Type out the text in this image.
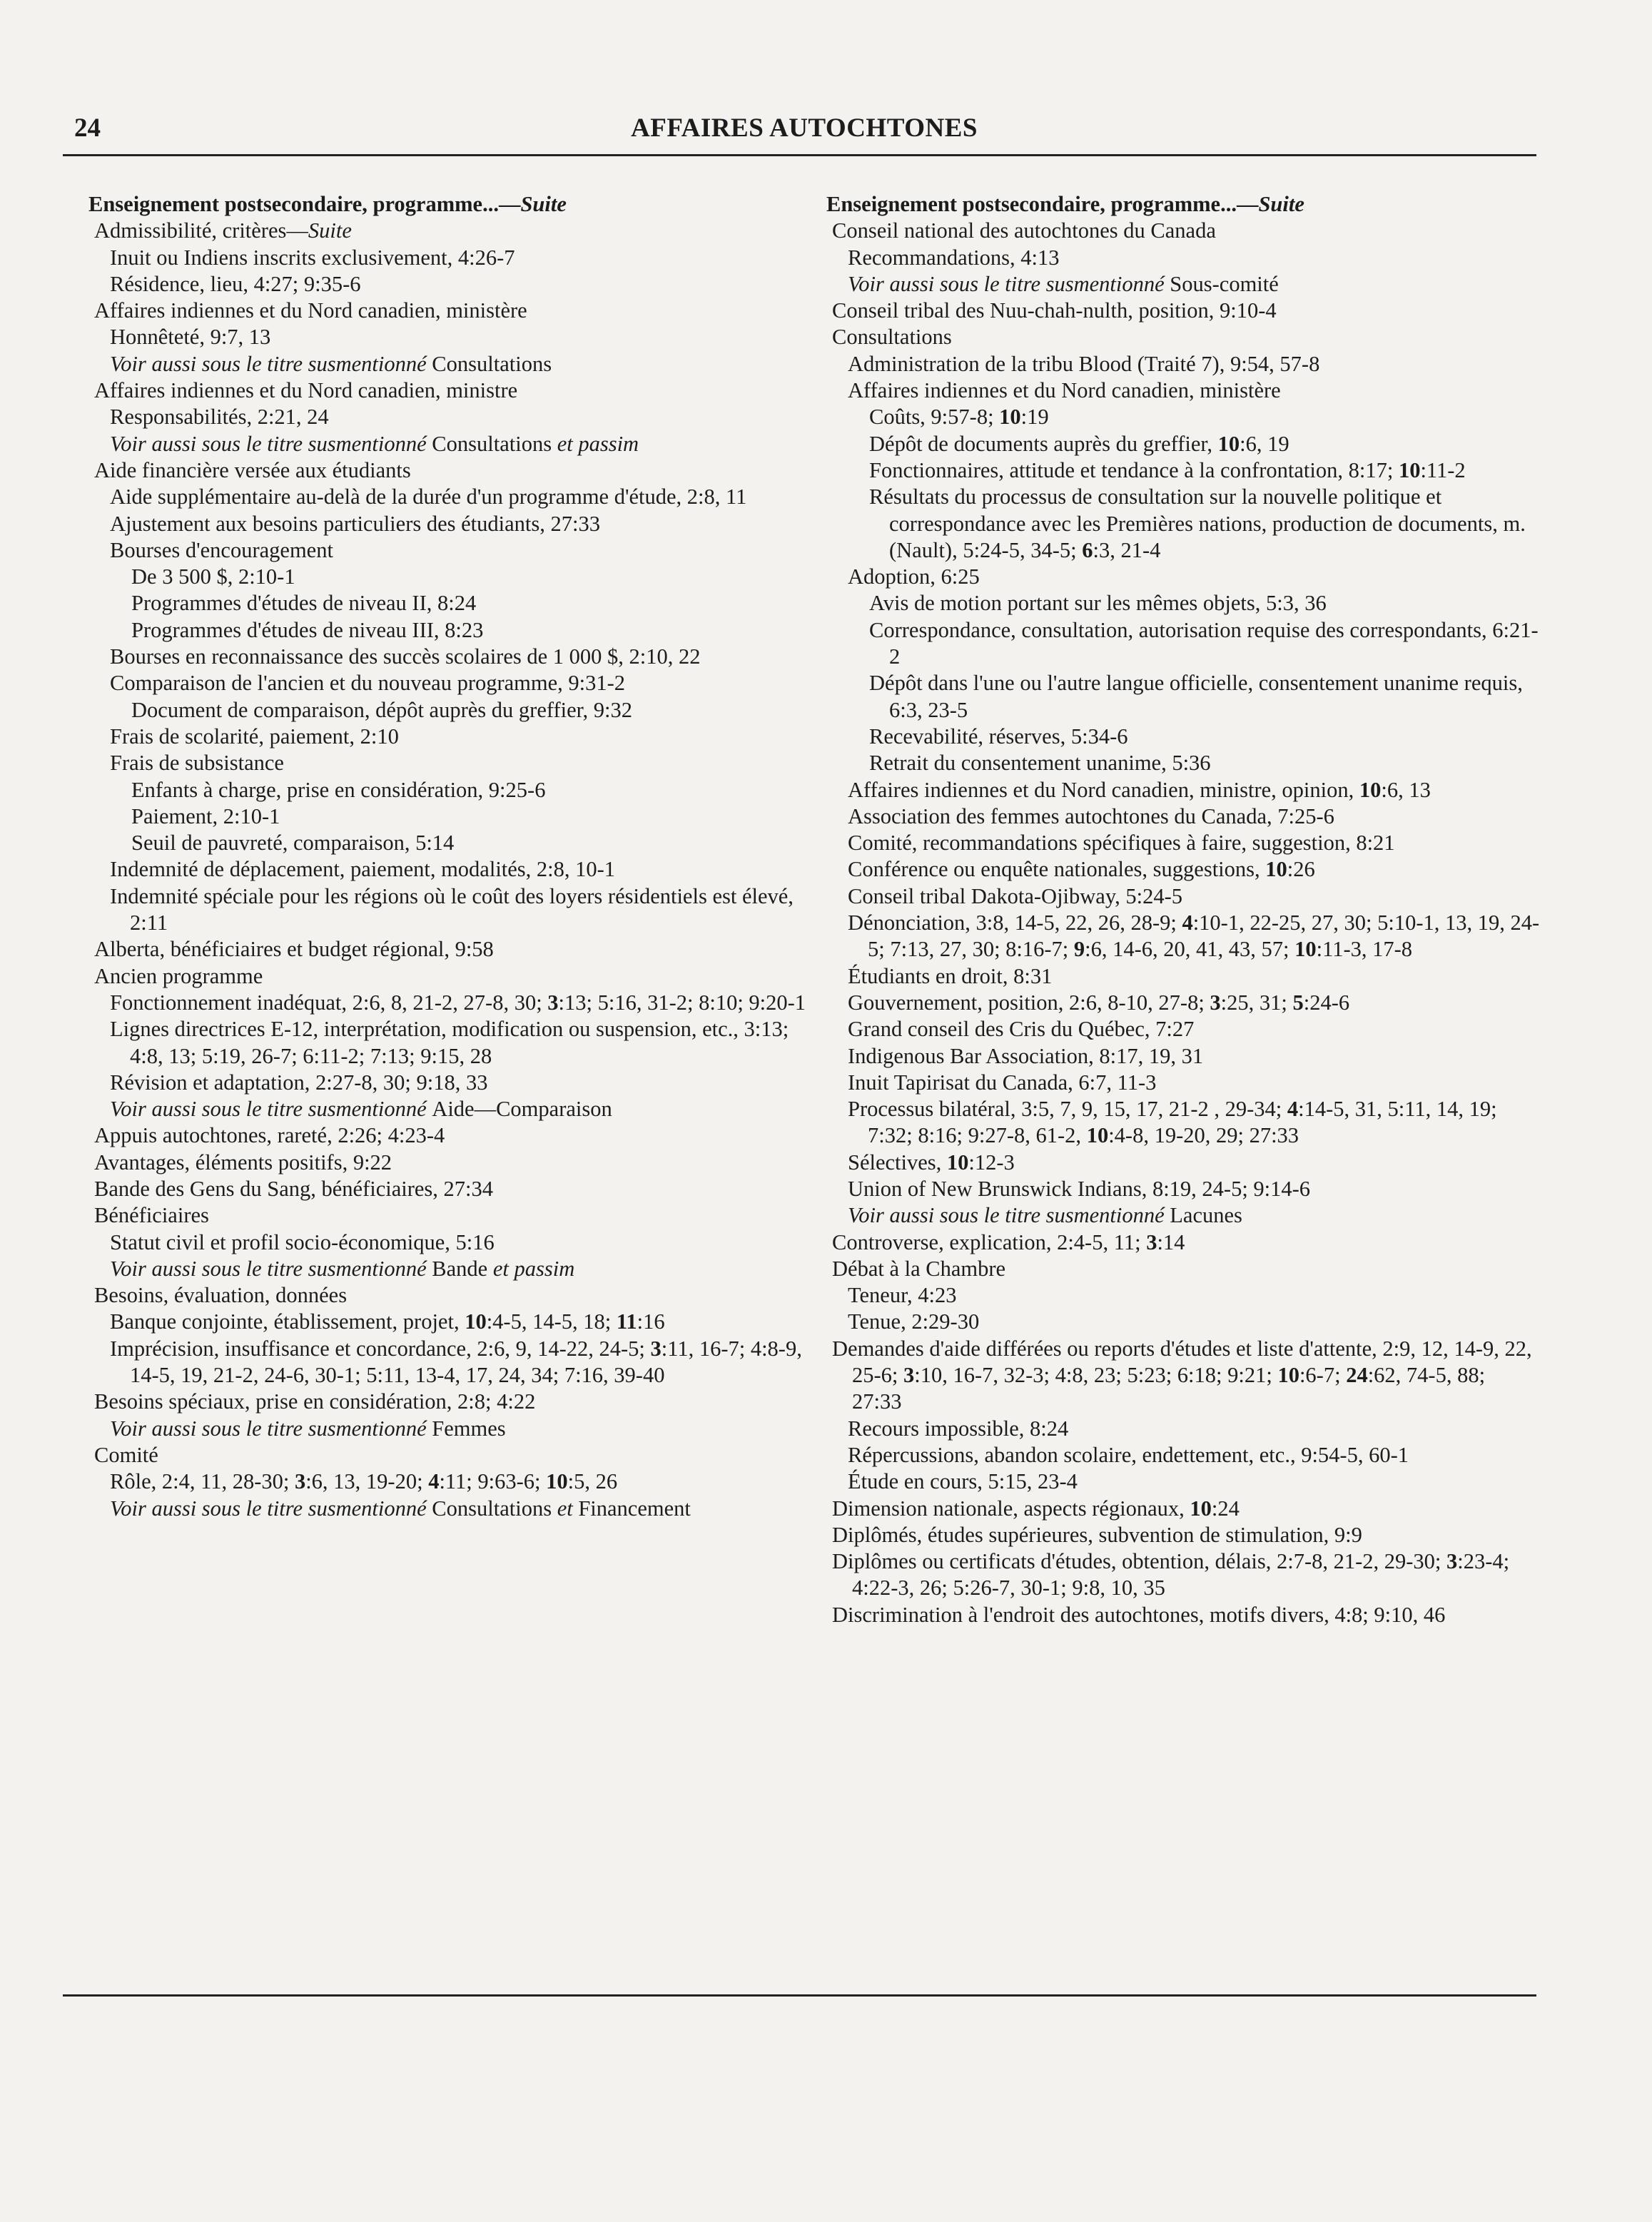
24	AFFAIRES AUTOCHTONES
Enseignement postsecondaire, programme...—Suite
Admissibilité, critères—Suite
Inuit ou Indiens inscrits exclusivement, 4:26-7
Résidence, lieu, 4:27; 9:35-6
Affaires indiennes et du Nord canadien, ministère
Honnêteté, 9:7, 13
Voir aussi sous le titre susmentionné Consultations
Affaires indiennes et du Nord canadien, ministre
Responsabilités, 2:21, 24
Voir aussi sous le titre susmentionné Consultations et passim
Aide financière versée aux étudiants
Aide supplémentaire au-delà de la durée d'un programme d'étude, 2:8, 11
Ajustement aux besoins particuliers des étudiants, 27:33
Bourses d'encouragement
De 3 500 $, 2:10-1
Programmes d'études de niveau II, 8:24
Programmes d'études de niveau III, 8:23
Bourses en reconnaissance des succès scolaires de 1 000 $, 2:10, 22
Comparaison de l'ancien et du nouveau programme, 9:31-2
Document de comparaison, dépôt auprès du greffier, 9:32
Frais de scolarité, paiement, 2:10
Frais de subsistance
Enfants à charge, prise en considération, 9:25-6
Paiement, 2:10-1
Seuil de pauvreté, comparaison, 5:14
Indemnité de déplacement, paiement, modalités, 2:8, 10-1
Indemnité spéciale pour les régions où le coût des loyers résidentiels est élevé, 2:11
Alberta, bénéficiaires et budget régional, 9:58
Ancien programme
Fonctionnement inadéquat, 2:6, 8, 21-2, 27-8, 30; 3:13; 5:16, 31-2; 8:10; 9:20-1
Lignes directrices E-12, interprétation, modification ou suspension, etc., 3:13; 4:8, 13; 5:19, 26-7; 6:11-2; 7:13; 9:15, 28
Révision et adaptation, 2:27-8, 30; 9:18, 33
Voir aussi sous le titre susmentionné Aide—Comparaison
Appuis autochtones, rareté, 2:26; 4:23-4
Avantages, éléments positifs, 9:22
Bande des Gens du Sang, bénéficiaires, 27:34
Bénéficiaires
Statut civil et profil socio-économique, 5:16
Voir aussi sous le titre susmentionné Bande et passim
Besoins, évaluation, données
Banque conjointe, établissement, projet, 10:4-5, 14-5, 18; 11:16
Imprécision, insuffisance et concordance, 2:6, 9, 14-22, 24-5; 3:11, 16-7; 4:8-9, 14-5, 19, 21-2, 24-6, 30-1; 5:11, 13-4, 17, 24, 34; 7:16, 39-40
Besoins spéciaux, prise en considération, 2:8; 4:22
Voir aussi sous le titre susmentionné Femmes
Comité
Rôle, 2:4, 11, 28-30; 3:6, 13, 19-20; 4:11; 9:63-6; 10:5, 26
Voir aussi sous le titre susmentionné Consultations et Financement
Enseignement postsecondaire, programme...—Suite
Conseil national des autochtones du Canada
Recommandations, 4:13
Voir aussi sous le titre susmentionné Sous-comité
Conseil tribal des Nuu-chah-nulth, position, 9:10-4
Consultations
Administration de la tribu Blood (Traité 7), 9:54, 57-8
Affaires indiennes et du Nord canadien, ministère
Coûts, 9:57-8; 10:19
Dépôt de documents auprès du greffier, 10:6, 19
Fonctionnaires, attitude et tendance à la confrontation, 8:17; 10:11-2
Résultats du processus de consultation sur la nouvelle politique et correspondance avec les Premières nations, production de documents, m. (Nault), 5:24-5, 34-5; 6:3, 21-4
Adoption, 6:25
Avis de motion portant sur les mêmes objets, 5:3, 36
Correspondance, consultation, autorisation requise des correspondants, 6:21-2
Dépôt dans l'une ou l'autre langue officielle, consentement unanime requis, 6:3, 23-5
Recevabilité, réserves, 5:34-6
Retrait du consentement unanime, 5:36
Affaires indiennes et du Nord canadien, ministre, opinion, 10:6, 13
Association des femmes autochtones du Canada, 7:25-6
Comité, recommandations spécifiques à faire, suggestion, 8:21
Conférence ou enquête nationales, suggestions, 10:26
Conseil tribal Dakota-Ojibway, 5:24-5
Dénonciation, 3:8, 14-5, 22, 26, 28-9; 4:10-1, 22-25, 27, 30; 5:10-1, 13, 19, 24-5; 7:13, 27, 30; 8:16-7; 9:6, 14-6, 20, 41, 43, 57; 10:11-3, 17-8
Étudiants en droit, 8:31
Gouvernement, position, 2:6, 8-10, 27-8; 3:25, 31; 5:24-6
Grand conseil des Cris du Québec, 7:27
Indigenous Bar Association, 8:17, 19, 31
Inuit Tapirisat du Canada, 6:7, 11-3
Processus bilatéral, 3:5, 7, 9, 15, 17, 21-2 , 29-34; 4:14-5, 31, 5:11, 14, 19; 7:32; 8:16; 9:27-8, 61-2, 10:4-8, 19-20, 29; 27:33
Sélectives, 10:12-3
Union of New Brunswick Indians, 8:19, 24-5; 9:14-6
Voir aussi sous le titre susmentionné Lacunes
Controverse, explication, 2:4-5, 11; 3:14
Débat à la Chambre
Teneur, 4:23
Tenue, 2:29-30
Demandes d'aide différées ou reports d'études et liste d'attente, 2:9, 12, 14-9, 22, 25-6; 3:10, 16-7, 32-3; 4:8, 23; 5:23; 6:18; 9:21; 10:6-7; 24:62, 74-5, 88; 27:33
Recours impossible, 8:24
Répercussions, abandon scolaire, endettement, etc., 9:54-5, 60-1
Étude en cours, 5:15, 23-4
Dimension nationale, aspects régionaux, 10:24
Diplômés, études supérieures, subvention de stimulation, 9:9
Diplômes ou certificats d'études, obtention, délais, 2:7-8, 21-2, 29-30; 3:23-4; 4:22-3, 26; 5:26-7, 30-1; 9:8, 10, 35
Discrimination à l'endroit des autochtones, motifs divers, 4:8; 9:10, 46
